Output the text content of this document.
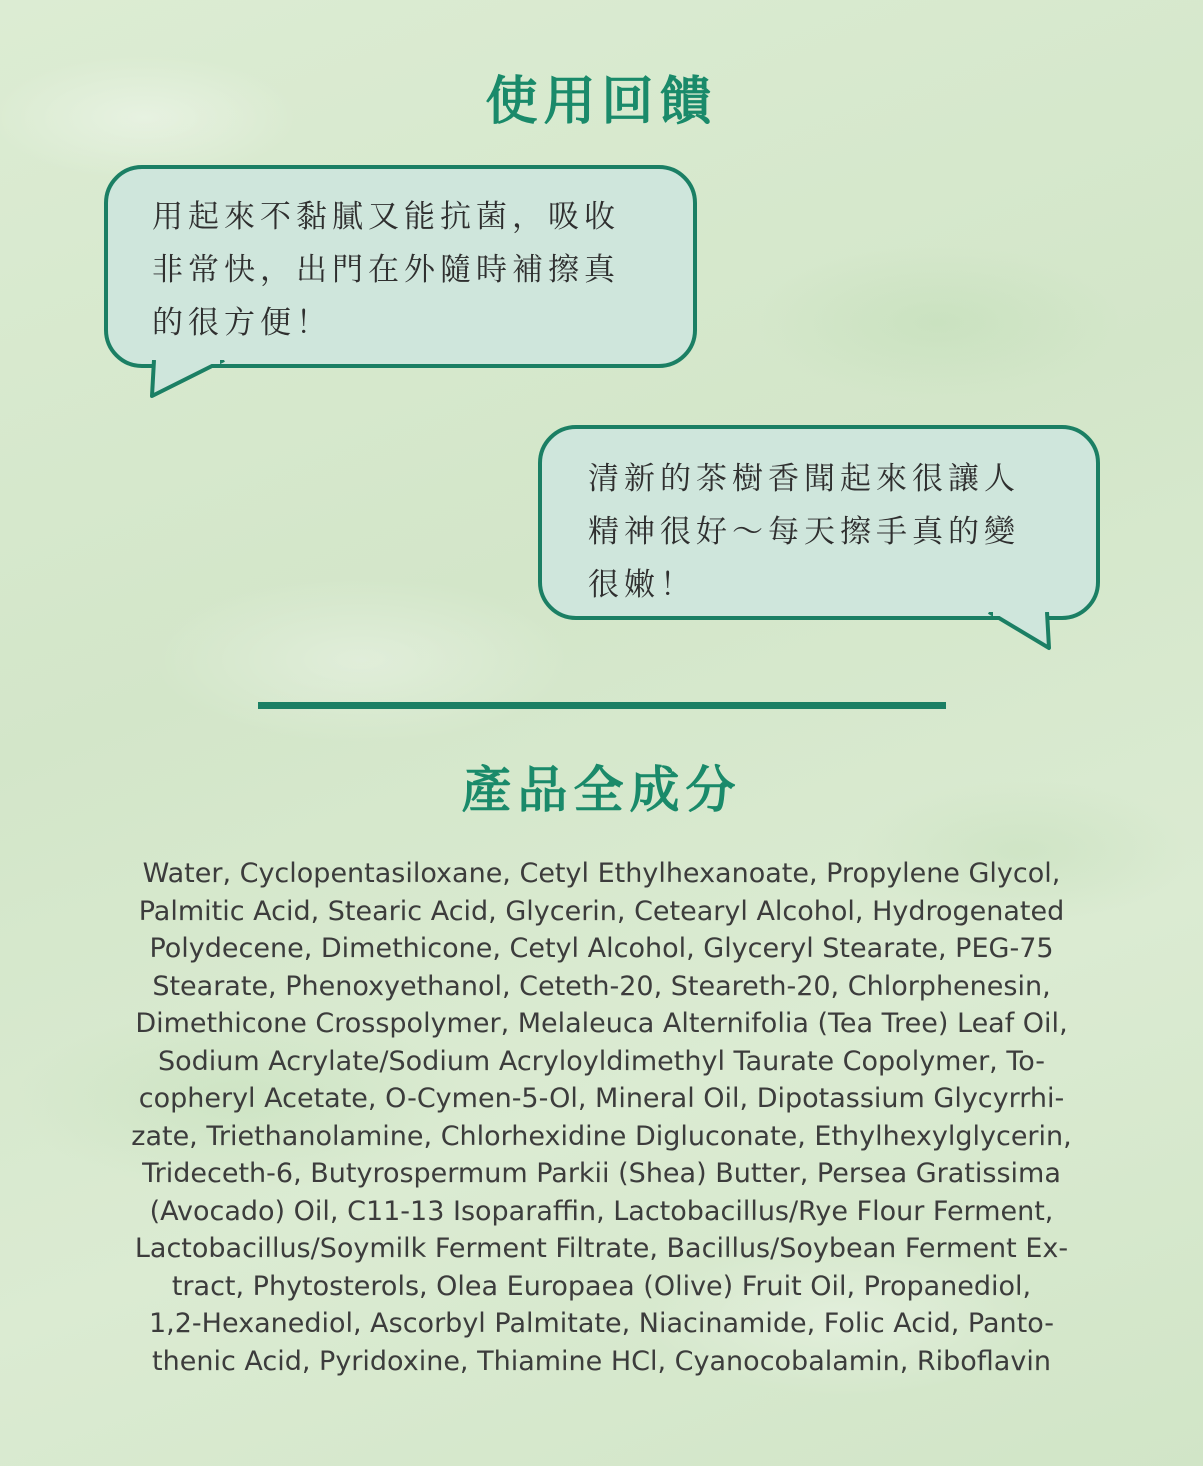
使用回饋

用起來不黏膩又能抗菌，吸收
非常快，出門在外隨時補擦真
的很方便！

清新的茶樹香聞起來很讓人
精神很好～每天擦手真的變
很嫩！

產品全成分

Water, Cyclopentasiloxane, Cetyl Ethylhexanoate, Propylene Glycol,
Palmitic Acid, Stearic Acid, Glycerin, Cetearyl Alcohol, Hydrogenated
Polydecene, Dimethicone, Cetyl Alcohol, Glyceryl Stearate, PEG-75
Stearate, Phenoxyethanol, Ceteth-20, Steareth-20, Chlorphenesin,
Dimethicone Crosspolymer, Melaleuca Alternifolia (Tea Tree) Leaf Oil,
Sodium Acrylate/Sodium Acryloyldimethyl Taurate Copolymer, To-
copheryl Acetate, O-Cymen-5-Ol, Mineral Oil, Dipotassium Glycyrrhi-
zate, Triethanolamine, Chlorhexidine Digluconate, Ethylhexylglycerin,
Trideceth-6, Butyrospermum Parkii (Shea) Butter, Persea Gratissima
(Avocado) Oil, C11-13 Isoparaffin, Lactobacillus/Rye Flour Ferment,
Lactobacillus/Soymilk Ferment Filtrate, Bacillus/Soybean Ferment Ex-
tract, Phytosterols, Olea Europaea (Olive) Fruit Oil, Propanediol,
1,2-Hexanediol, Ascorbyl Palmitate, Niacinamide, Folic Acid, Panto-
thenic Acid, Pyridoxine, Thiamine HCl, Cyanocobalamin, Riboflavin
